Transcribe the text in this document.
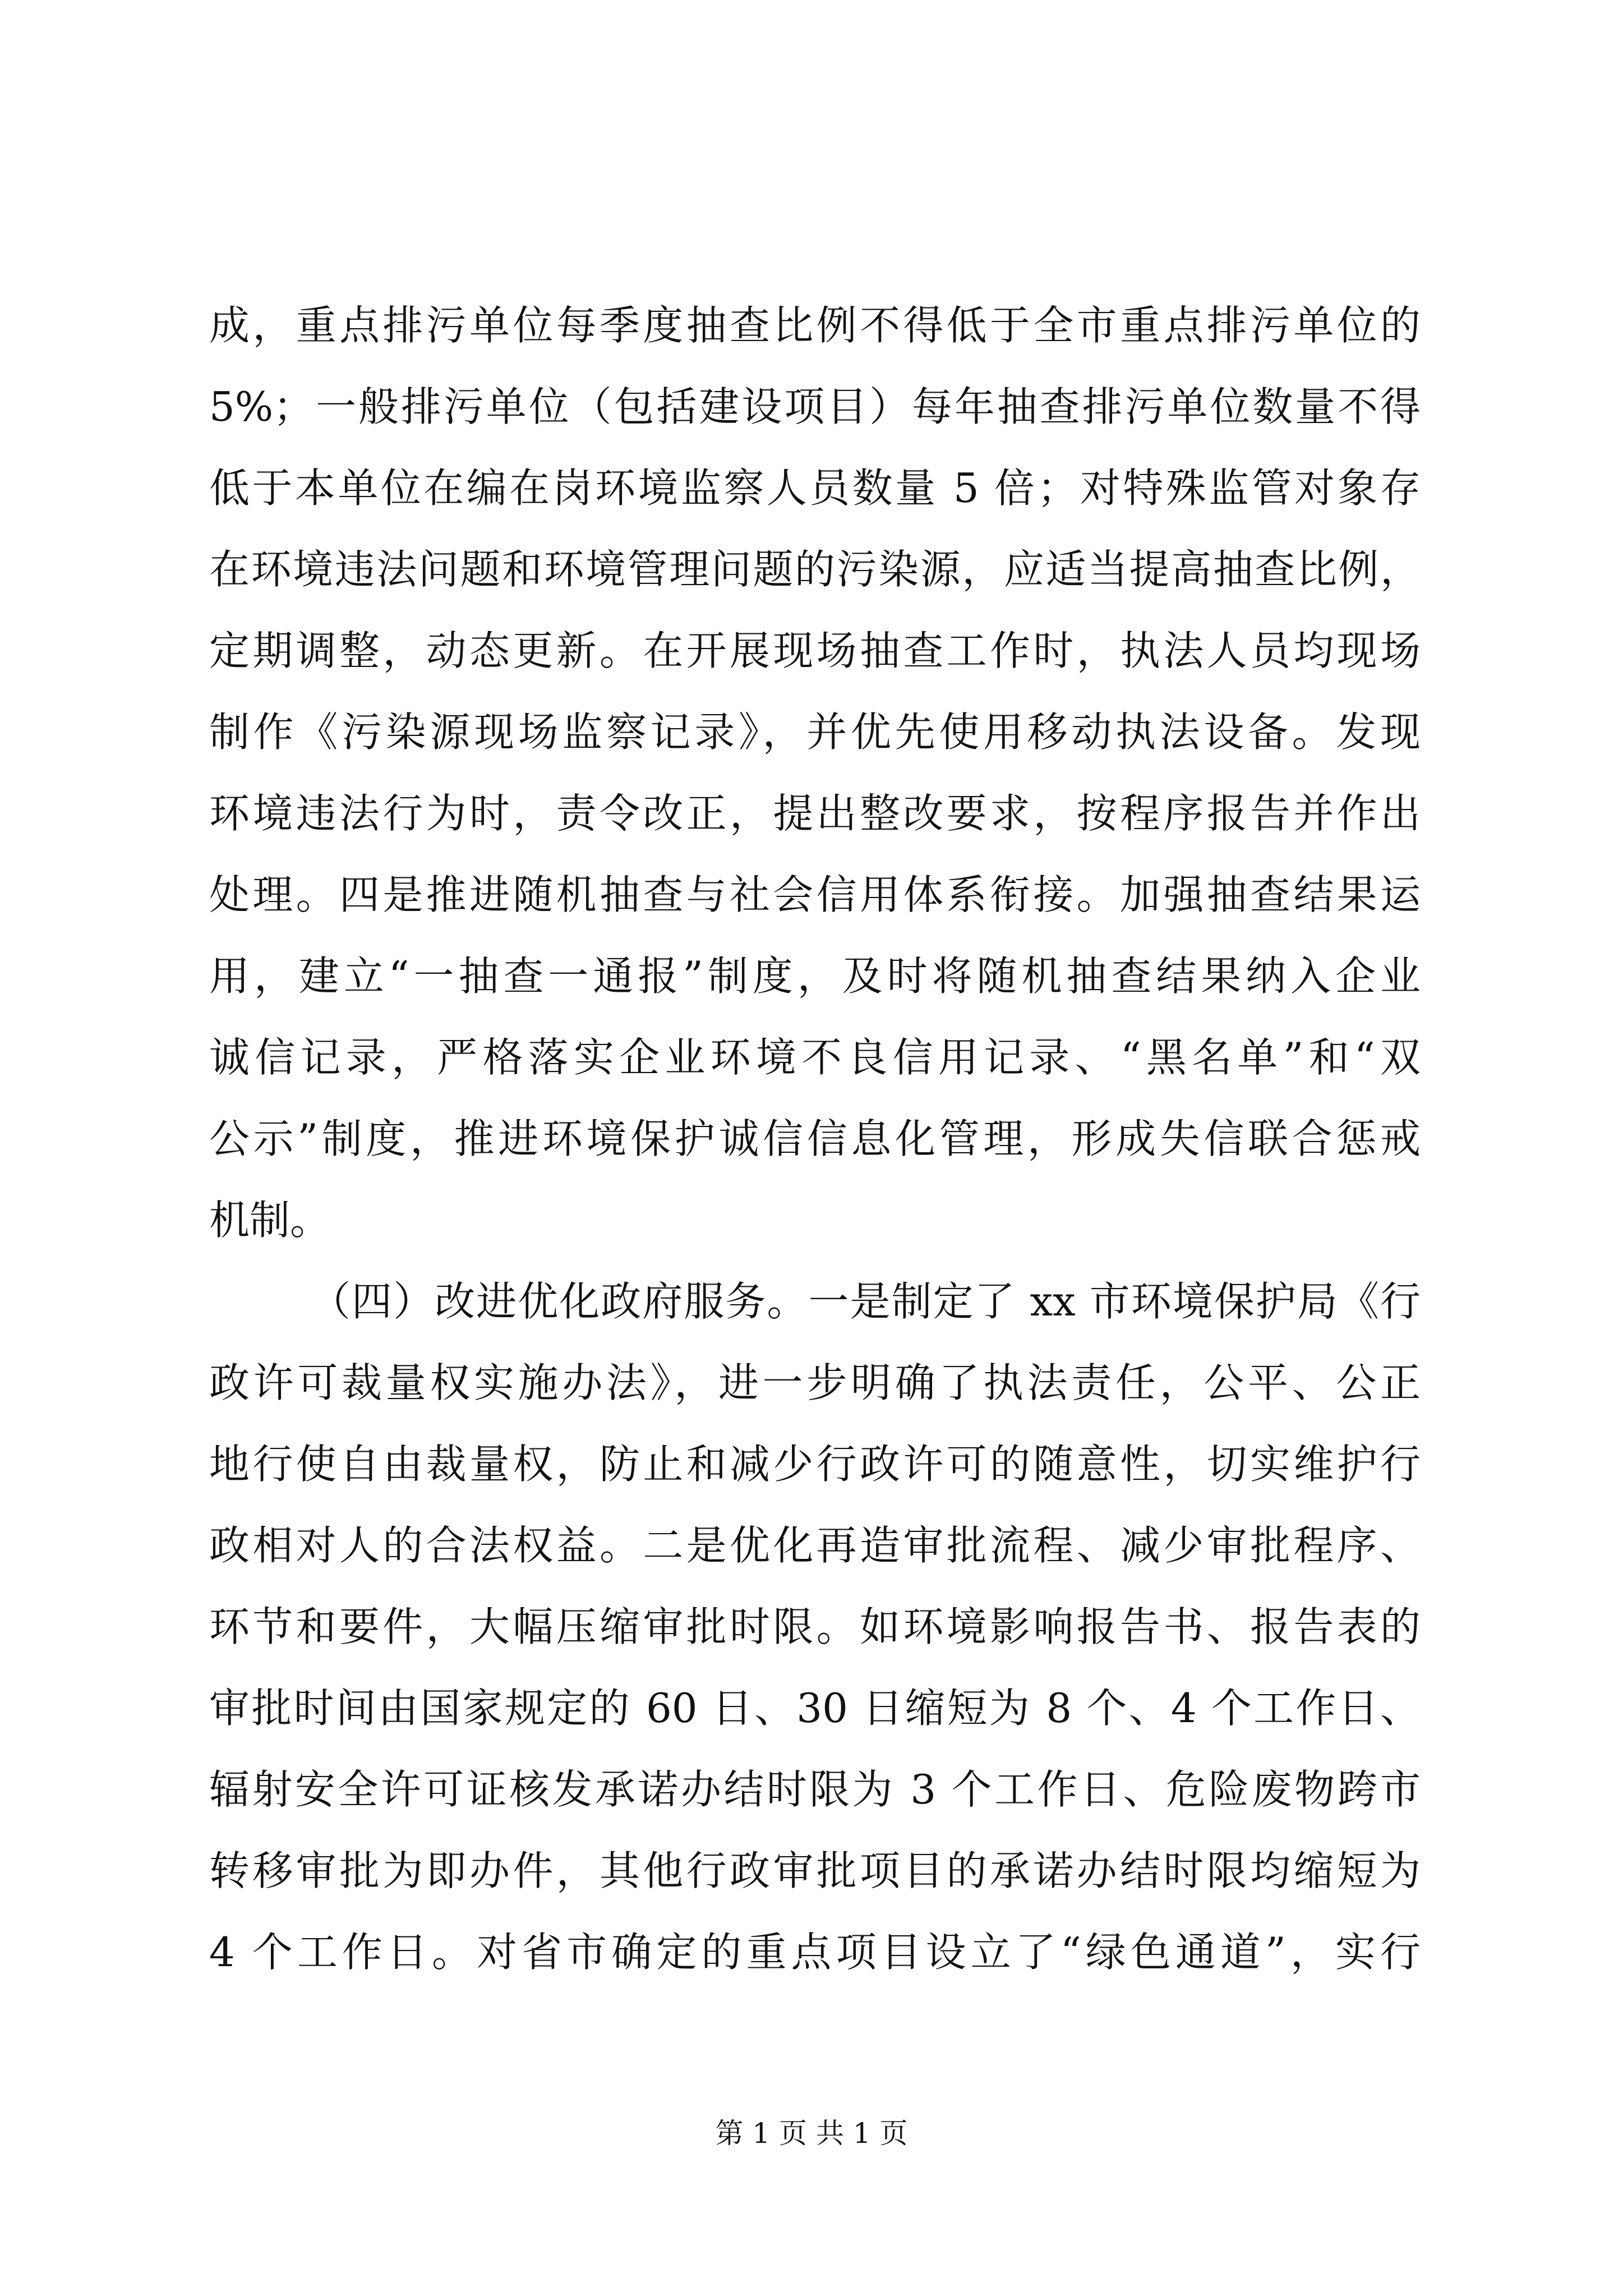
成，重点排污单位每季度抽查比例不得低于全市重点排污单位的
5%；一般排污单位（包括建设项目）每年抽查排污单位数量不得
低于本单位在编在岗环境监察人员数量 5 倍；对特殊监管对象存
在环境违法问题和环境管理问题的污染源，应适当提高抽查比例，
定期调整，动态更新。在开展现场抽查工作时，执法人员均现场
制作《污染源现场监察记录》，并优先使用移动执法设备。发现
环境违法行为时，责令改正，提出整改要求，按程序报告并作出
处理。四是推进随机抽查与社会信用体系衔接。加强抽查结果运
用，建立“一抽查一通报”制度，及时将随机抽查结果纳入企业
诚信记录，严格落实企业环境不良信用记录、“黑名单”和“双
公示”制度，推进环境保护诚信信息化管理，形成失信联合惩戒
机制。
（四）改进优化政府服务。一是制定了 xx 市环境保护局《行
政许可裁量权实施办法》，进一步明确了执法责任，公平、公正
地行使自由裁量权，防止和减少行政许可的随意性，切实维护行
政相对人的合法权益。二是优化再造审批流程、减少审批程序、
环节和要件，大幅压缩审批时限。如环境影响报告书、报告表的
审批时间由国家规定的 60 日、30 日缩短为 8 个、4 个工作日、
辐射安全许可证核发承诺办结时限为 3 个工作日、危险废物跨市
转移审批为即办件，其他行政审批项目的承诺办结时限均缩短为
4 个工作日。对省市确定的重点项目设立了“绿色通道”，实行
第 1 页 共 1 页
